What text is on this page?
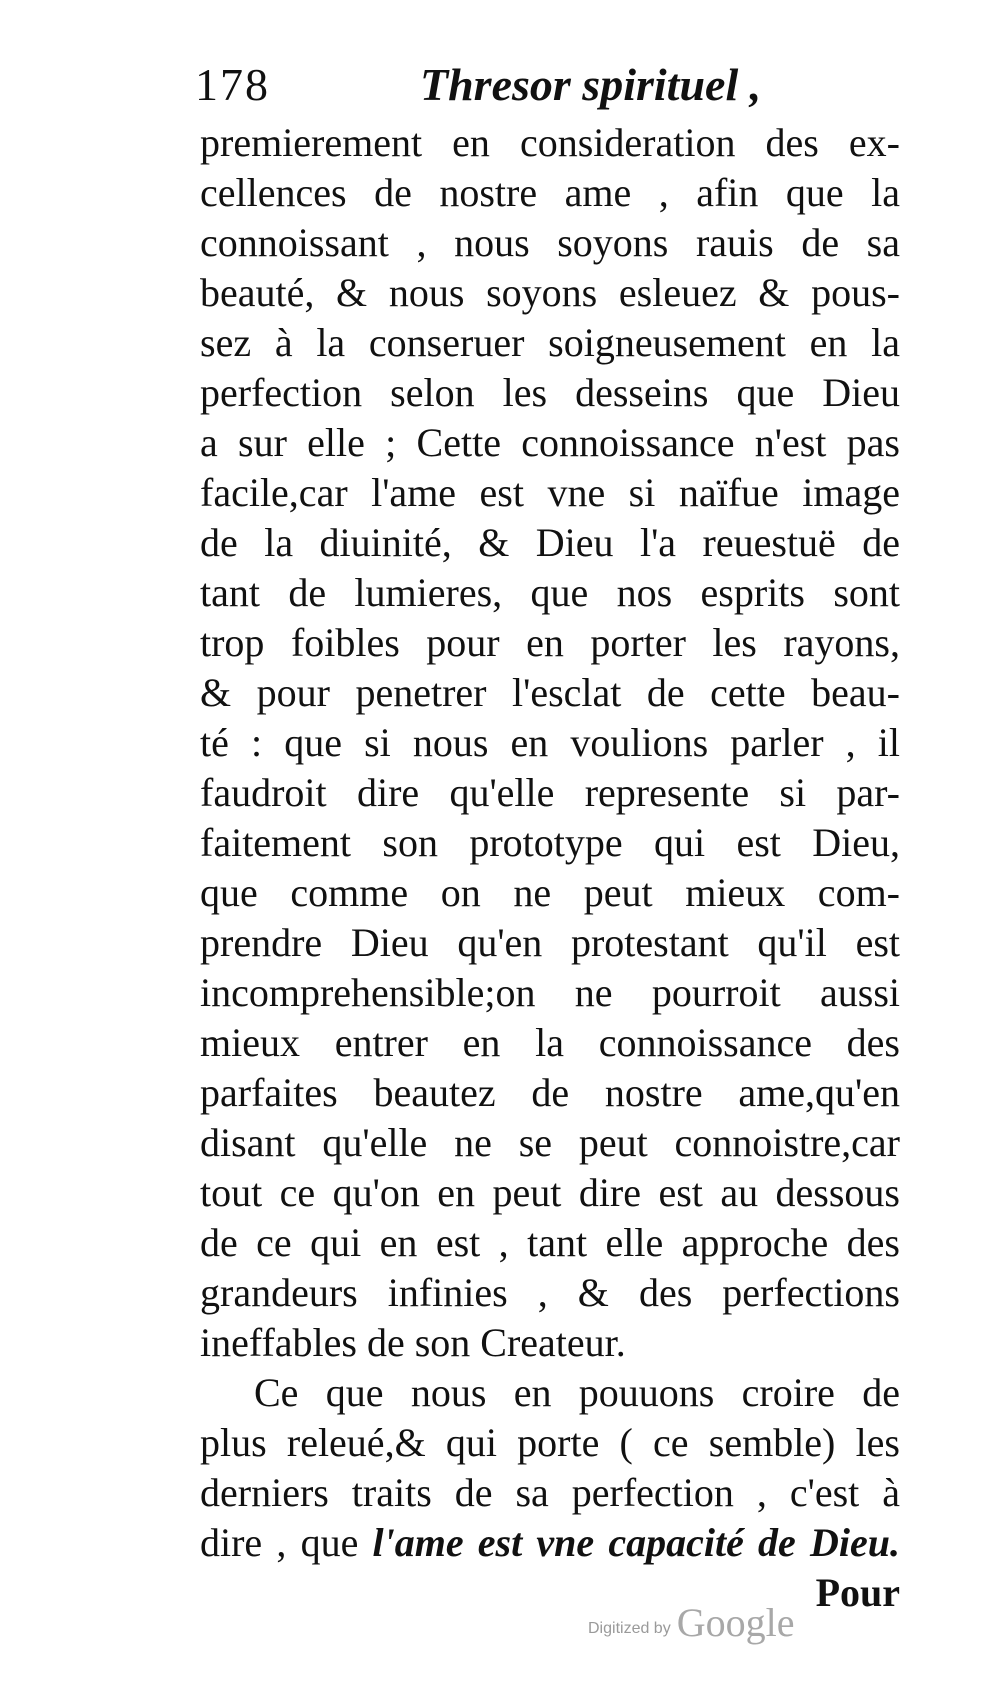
178	Thresor spirituel ,
premierement en consideration des ex-
cellences de nostre ame , afin que la
connoissant , nous soyons rauis de sa
beauté, & nous soyons esleuez & pous-
sez à la conseruer soigneusement en la
perfection selon les desseins que Dieu
a sur elle ; Cette connoissance n'est pas
facile,car l'ame est vne si naïfue image
de la diuinité, & Dieu l'a reuestuë de
tant de lumieres, que nos esprits sont
trop foibles pour en porter les rayons,
& pour penetrer l'esclat de cette beau-
té : que si nous en voulions parler , il
faudroit dire qu'elle represente si par-
faitement son prototype qui est Dieu,
que comme on ne peut mieux com-
prendre Dieu qu'en protestant qu'il est
incomprehensible;on ne pourroit aussi
mieux entrer en la connoissance des
parfaites beautez de nostre ame,qu'en
disant qu'elle ne se peut connoistre,car
tout ce qu'on en peut dire est au dessous
de ce qui en est , tant elle approche des
grandeurs infinies , & des perfections
ineffables de son Createur.
Ce que nous en pouuons croire de
plus releué,& qui porte ( ce semble) les
derniers traits de sa perfection , c'est à
dire , que l'ame est vne capacité de Dieu.
Pour
Digitized by Google
